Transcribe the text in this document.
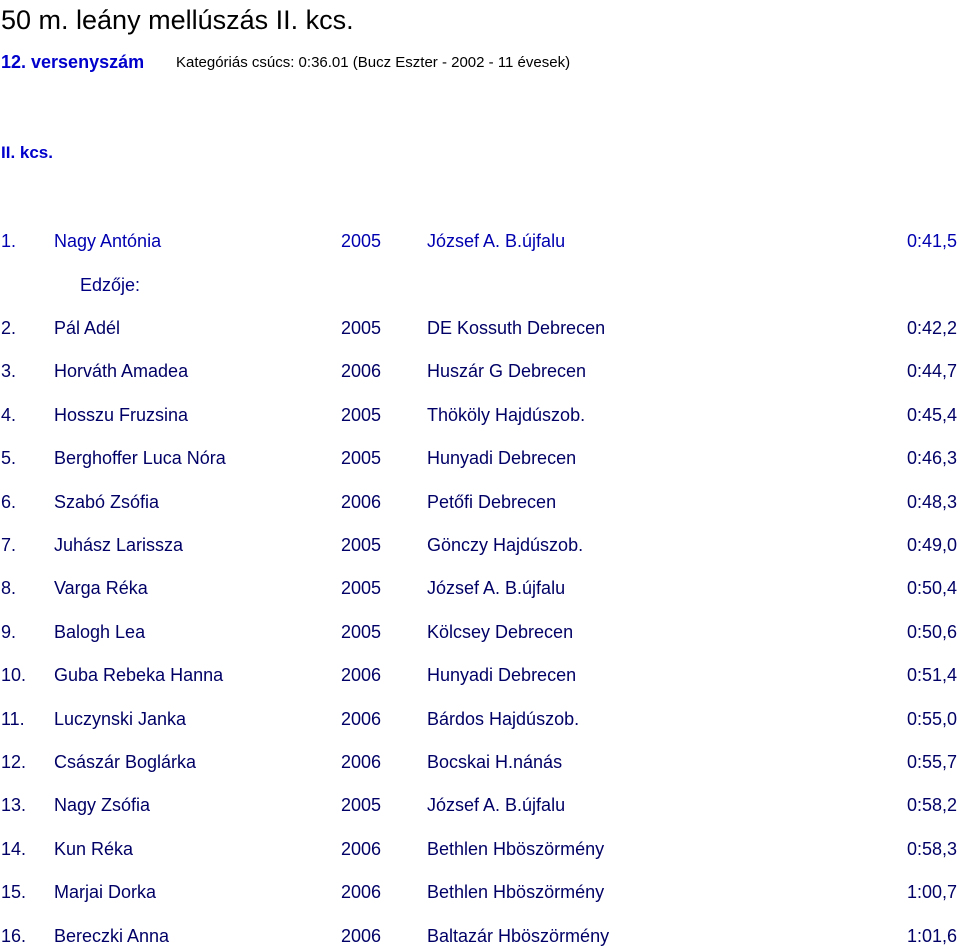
50 m. leány mellúszás II. kcs.
12. versenyszám Kategóriás csúcs: 0:36.01 (Bucz Eszter - 2002 - 11 évesek)
II. kcs.
1. Nagy Antónia	2005	József A. B.újfalu	0:41,5
2. Pál Adél	2005	DE Kossuth Debrecen	0:42,2
3. Horváth Amadea	2006	Huszár G Debrecen	0:44,7
4. Hosszu Fruzsina	2005	Thököly Hajdúszob.	0:45,4
5. Berghoffer Luca Nóra	2005	Hunyadi Debrecen	0:46,3
6. Szabó Zsófia	2006	Petőfi Debrecen	0:48,3
7. Juhász Larissza	2005	Gönczy Hajdúszob.	0:49,0
8. Varga Réka	2005	József A. B.újfalu	0:50,4
9. Balogh Lea	2005	Kölcsey Debrecen	0:50,6
10. Guba Rebeka Hanna	2006	Hunyadi Debrecen	0:51,4
11. Luczynski Janka	2006	Bárdos Hajdúszob.	0:55,0
12. Császár Boglárka	2006	Bocskai H.nánás	0:55,7
13. Nagy Zsófia	2005	József A. B.újfalu	0:58,2
14. Kun Réka	2006	Bethlen Hböszörmény	0:58,3
15. Marjai Dorka	2006	Bethlen Hböszörmény	1:00,7
16. Bereczki Anna	2006	Baltazár Hböszörmény	1:01,6
Edzője:
